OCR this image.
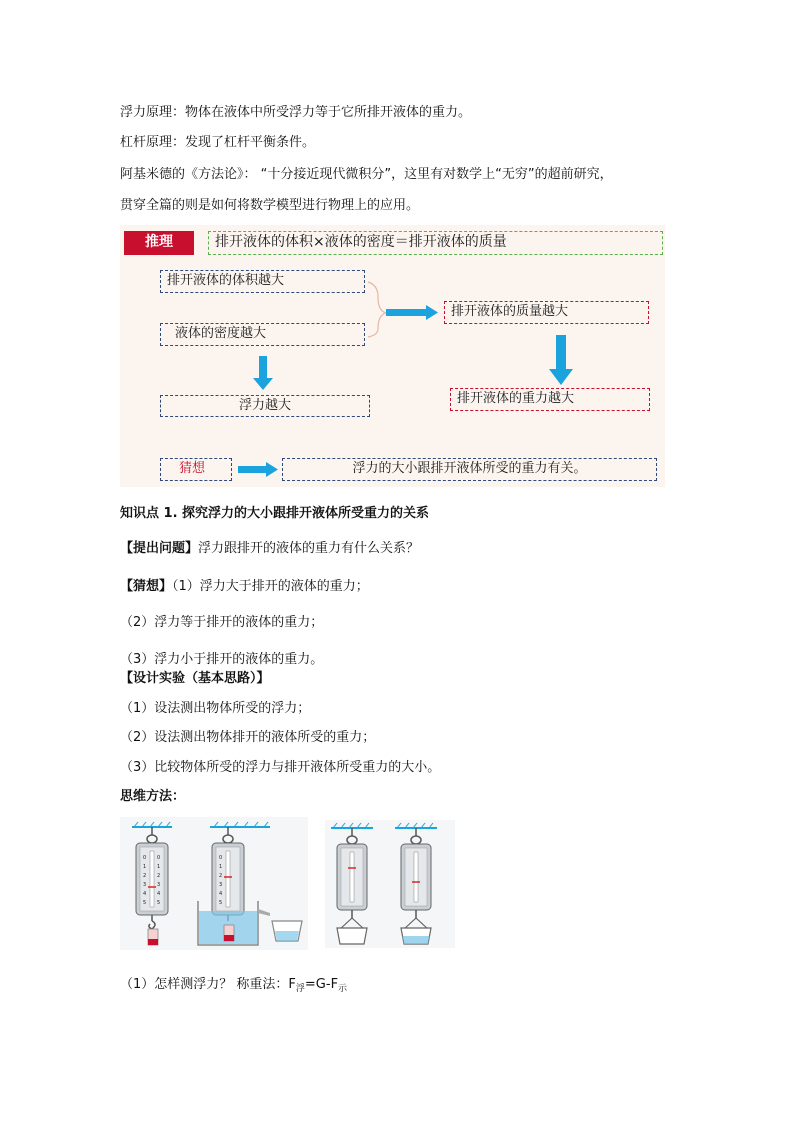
浮力原理：物体在液体中所受浮力等于它所排开液体的重力。
杠杆原理：发现了杠杆平衡条件。
阿基米德的《方法论》： “十分接近现代微积分”，这里有对数学上“无穷”的超前研究，
贯穿全篇的则是如何将数学模型进行物理上的应用。
推理	排开液体的体积×液体的密度＝排开液体的质量
排开液体的体积越大
液体的密度越大
排开液体的质量越大
浮力越大	排开液体的重力越大
猜想	浮力的大小跟排开液体所受的重力有关。
知识点 1. 探究浮力的大小跟排开液体所受重力的关系
【提出问题】浮力跟排开的液体的重力有什么关系？
【猜想】（1）浮力大于排开的液体的重力；
（2）浮力等于排开的液体的重力；
（3）浮力小于排开的液体的重力。
【设计实验（基本思路）】
（1）设法测出物体所受的浮力；
（2）设法测出物体排开的液体所受的重力；
（3）比较物体所受的浮力与排开液体所受重力的大小。
思维方法：
0
1
2
3
4
5
0
1
2
3
4
5
0
1
2
3
4
5
（1）怎样测浮力？ 称重法：$F_浮=G-F_示$
